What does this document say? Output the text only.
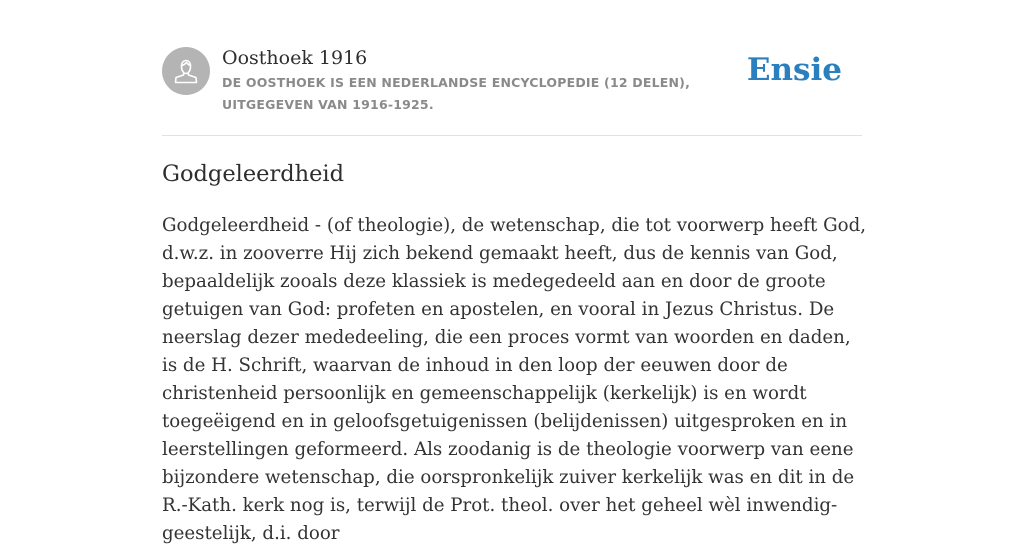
Oosthoek 1916
DE OOSTHOEK IS EEN NEDERLANDSE ENCYCLOPEDIE (12 DELEN), UITGEGEVEN VAN 1916-1925.
Ensie
Godgeleerdheid

Godgeleerdheid - (of theologie), de wetenschap, die tot voorwerp heeft God, d.w.z. in zooverre Hij zich bekend gemaakt heeft, dus de kennis van God, bepaaldelijk zooals deze klassiek is medegedeeld aan en door de groote getuigen van God: profeten en apostelen, en vooral in Jezus Christus. De neerslag dezer mededeeling, die een proces vormt van woorden en daden, is de H. Schrift, waarvan de inhoud in den loop der eeuwen door de christenheid persoonlijk en gemeenschappelijk (kerkelijk) is en wordt toegeëigend en in geloofsgetuigenissen (belijdenissen) uitgesproken en in leerstellingen geformeerd. Als zoodanig is de theologie voorwerp van eene bijzondere wetenschap, die oorspronkelijk zuiver kerkelijk was en dit in de R.-Kath. kerk nog is, terwijl de Prot. theol. over het geheel wèl inwendig-geestelijk, d.i. door
